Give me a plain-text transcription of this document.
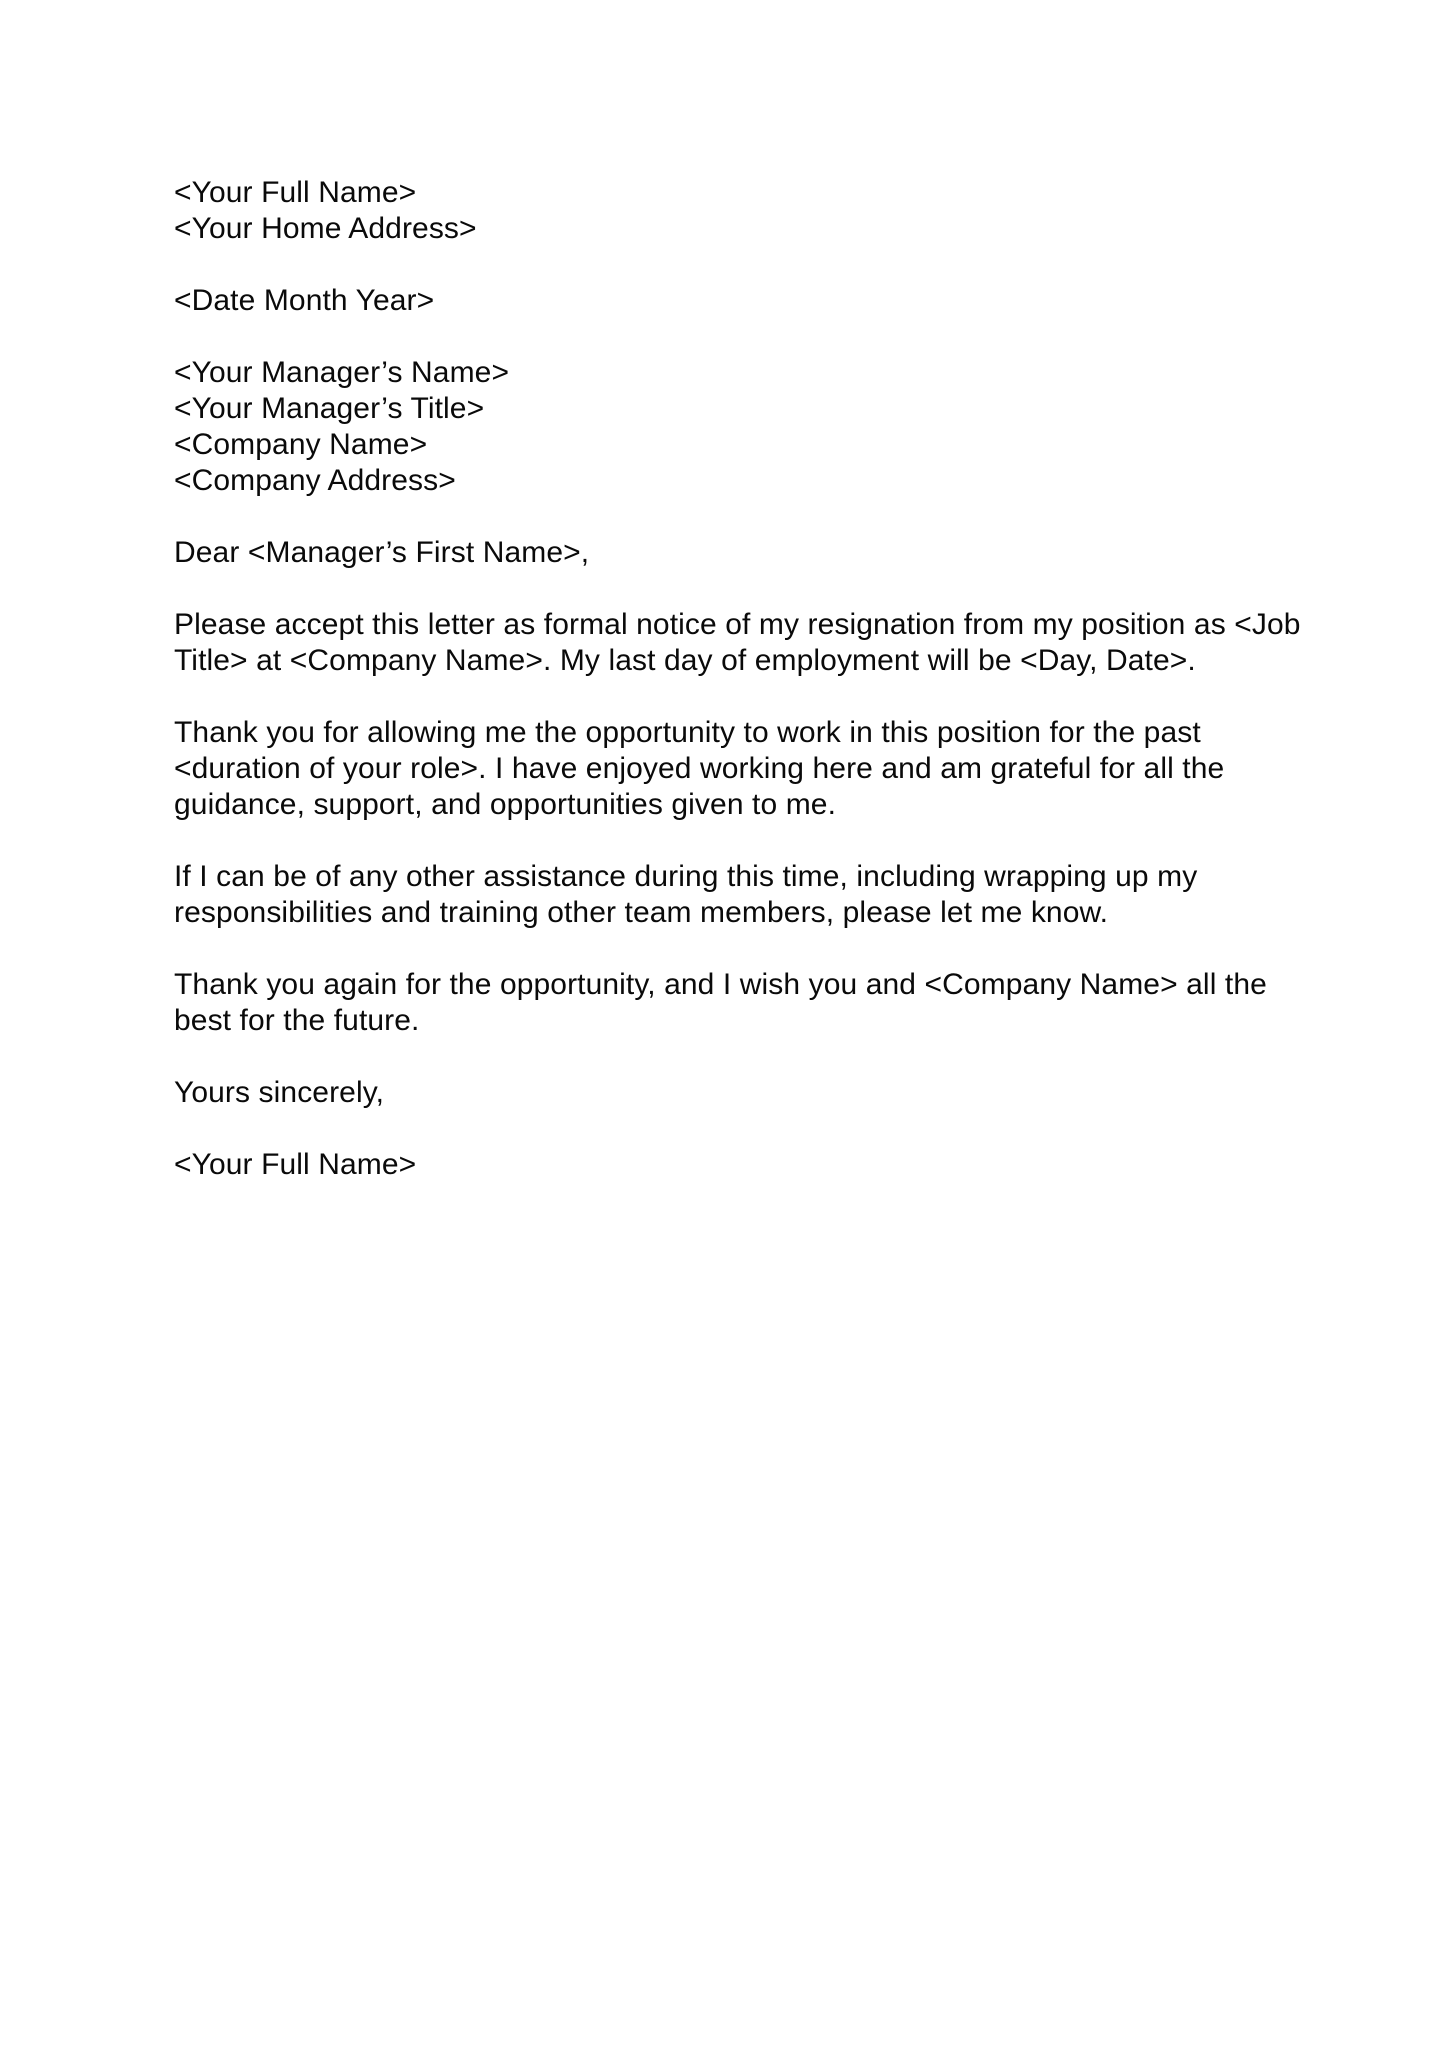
<Your Full Name>
<Your Home Address>
<Date Month Year>
<Your Manager’s Name>
<Your Manager’s Title>
<Company Name>
<Company Address>
Dear <Manager’s First Name>,
Please accept this letter as formal notice of my resignation from my position as <Job
Title> at <Company Name>. My last day of employment will be <Day, Date>.
Thank you for allowing me the opportunity to work in this position for the past
<duration of your role>. I have enjoyed working here and am grateful for all the
guidance, support, and opportunities given to me.
If I can be of any other assistance during this time, including wrapping up my
responsibilities and training other team members, please let me know.
Thank you again for the opportunity, and I wish you and <Company Name> all the
best for the future.
Yours sincerely,
<Your Full Name>
